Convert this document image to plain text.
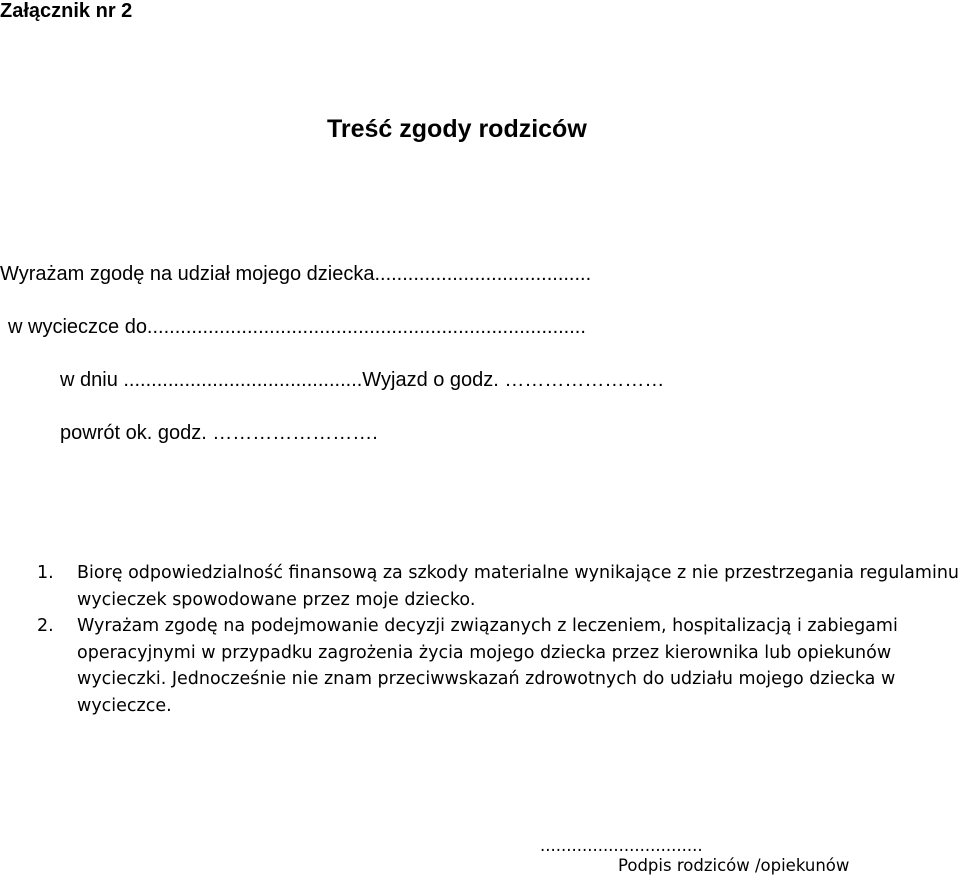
Załącznik nr 2
Treść zgody rodziców
Wyrażam zgodę na udział mojego dziecka.......................................
w wycieczce do...............................................................................
w dniu ...........................................Wyjazd o godz. ……………………
powrót ok. godz. …………………….
1. Biorę odpowiedzialność finansową za szkody materialne wynikające z nie przestrzegania regulaminu wycieczek spowodowane przez moje dziecko.
2. Wyrażam zgodę na podejmowanie decyzji związanych z leczeniem, hospitalizacją i zabiegami operacyjnymi w przypadku zagrożenia życia mojego dziecka przez kierownika lub opiekunów wycieczki. Jednocześnie nie znam przeciwwskazań zdrowotnych do udziału mojego dziecka w wycieczce.
...............................
Podpis rodziców /opiekunów
